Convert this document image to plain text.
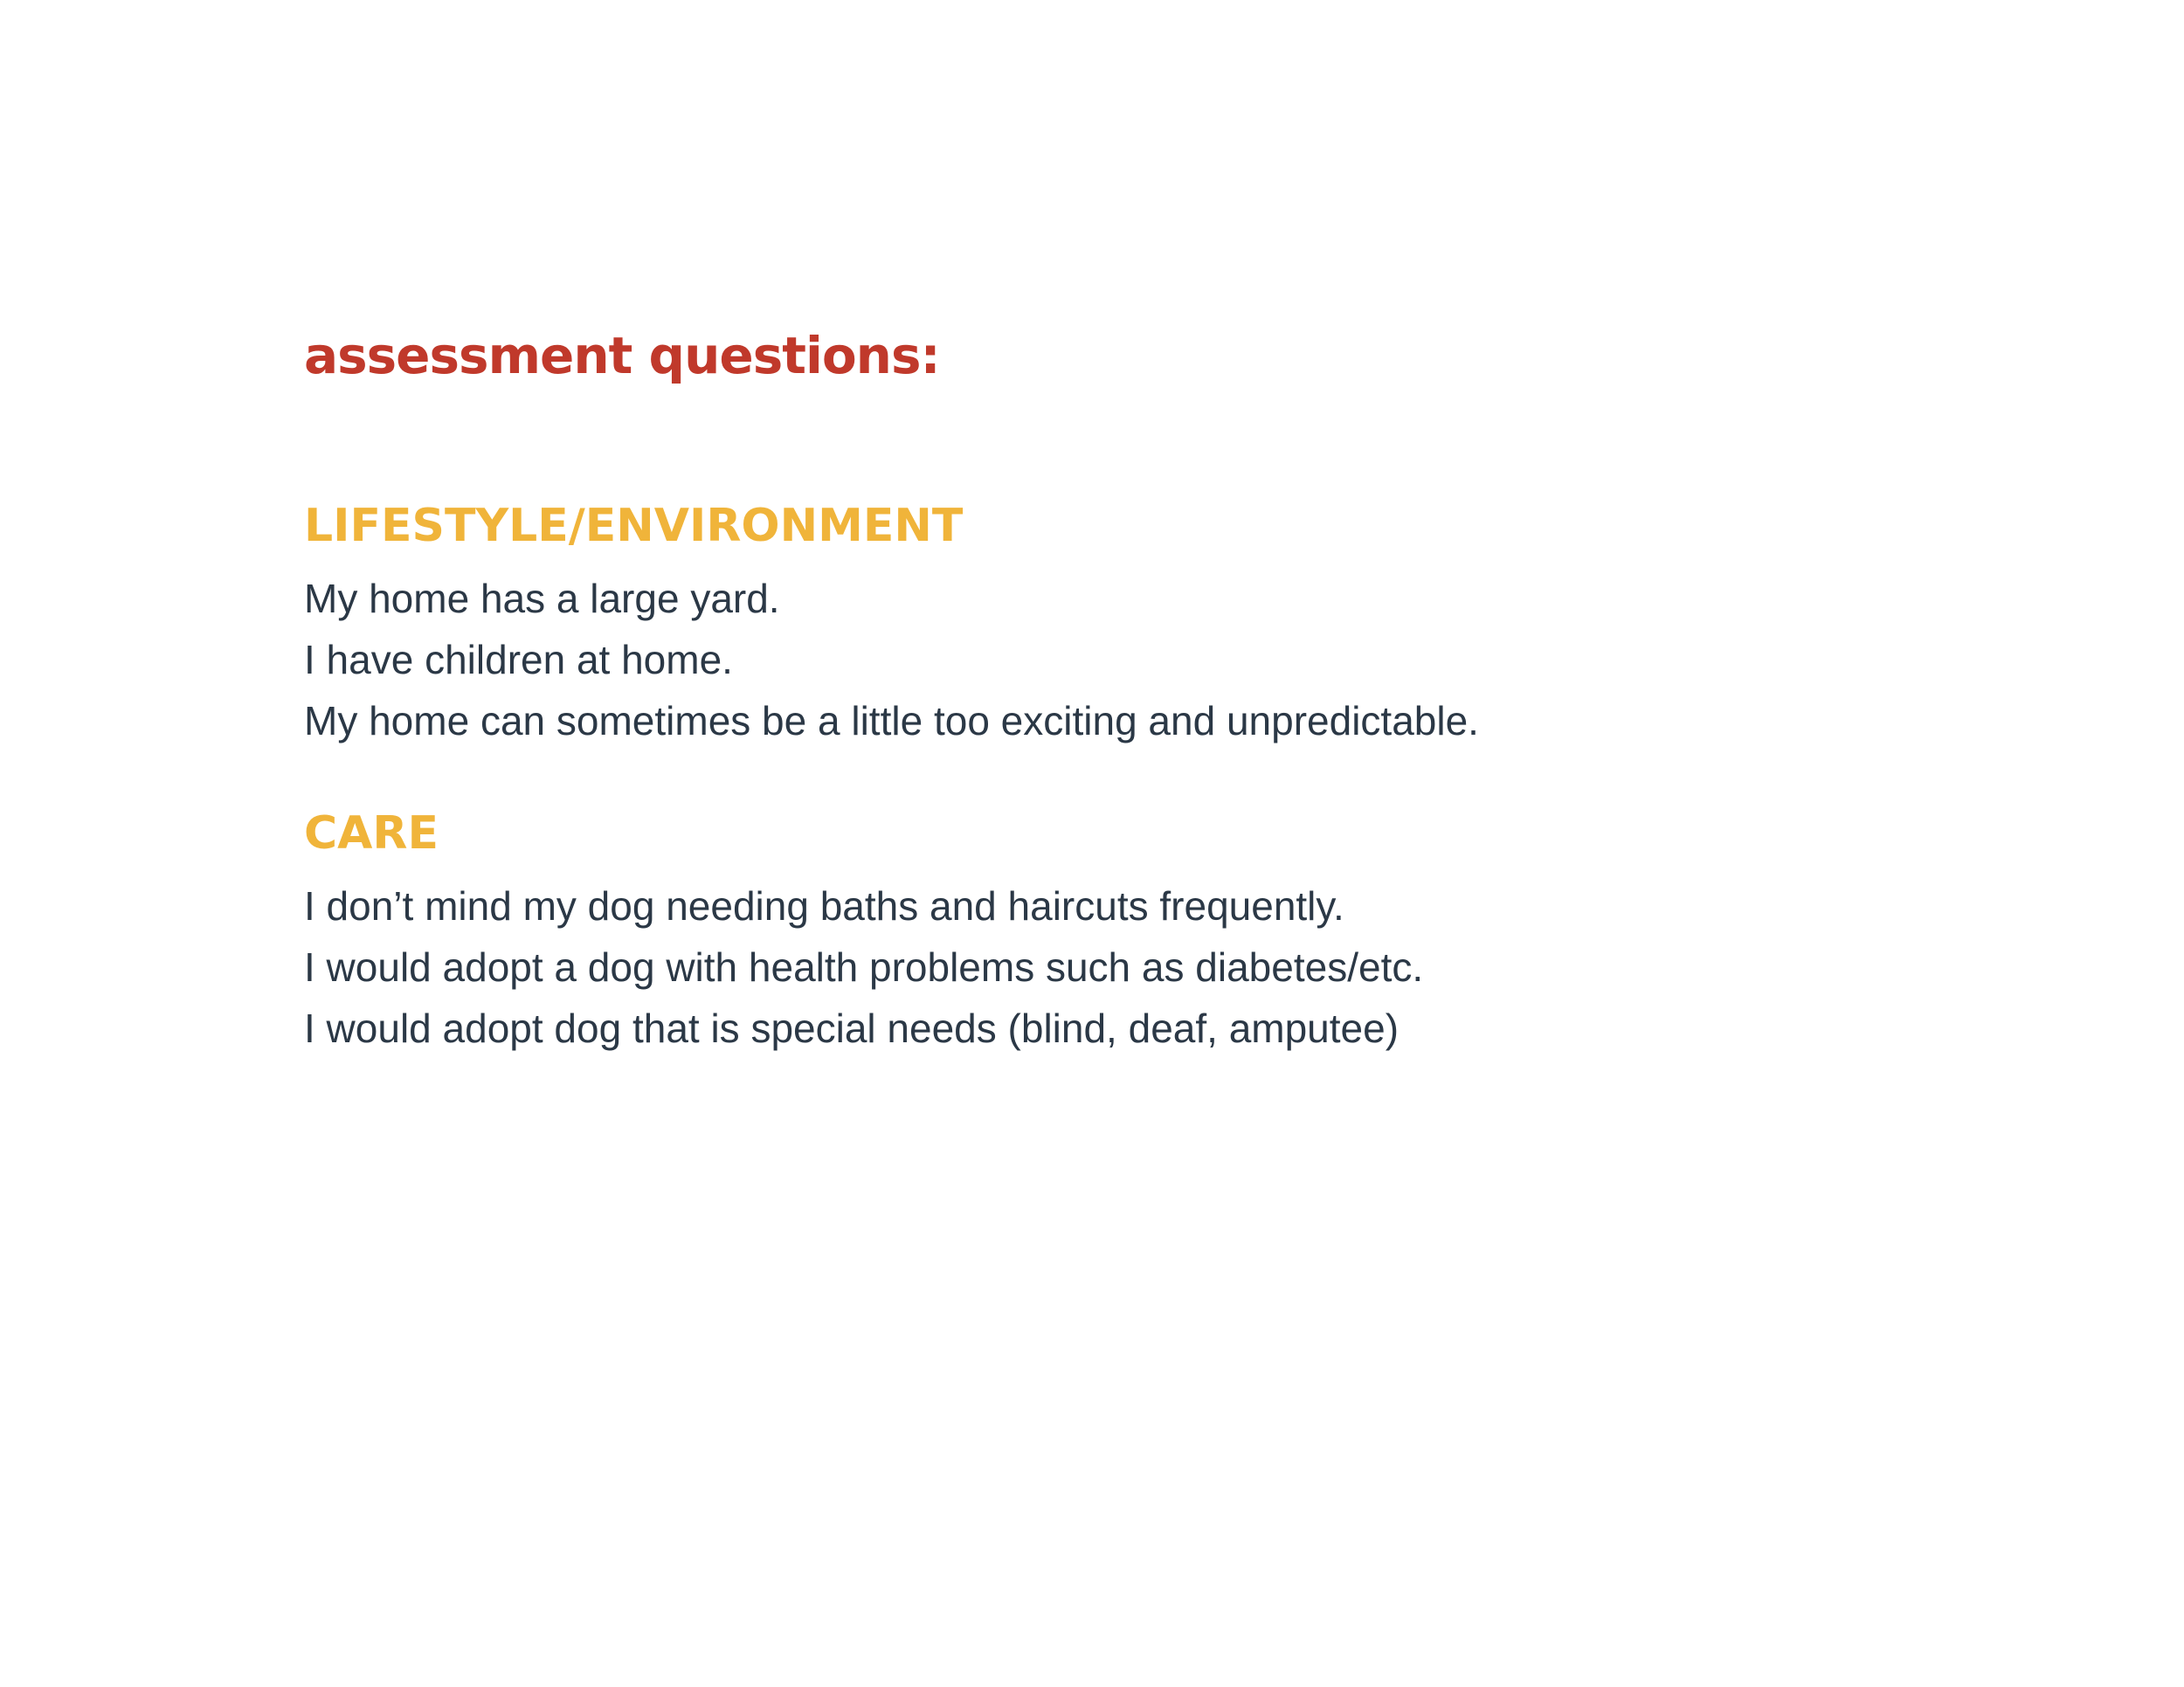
assessment questions:
LIFESTYLE/ENVIRONMENT
My home has a large yard.
I have children at home.
My home can sometimes be a little too exciting and unpredictable.
CARE
I don’t mind my dog needing baths and haircuts frequently.
I would adopt a dog with health problems such as diabetes/etc.
I would adopt dog that is special needs (blind, deaf, amputee)
